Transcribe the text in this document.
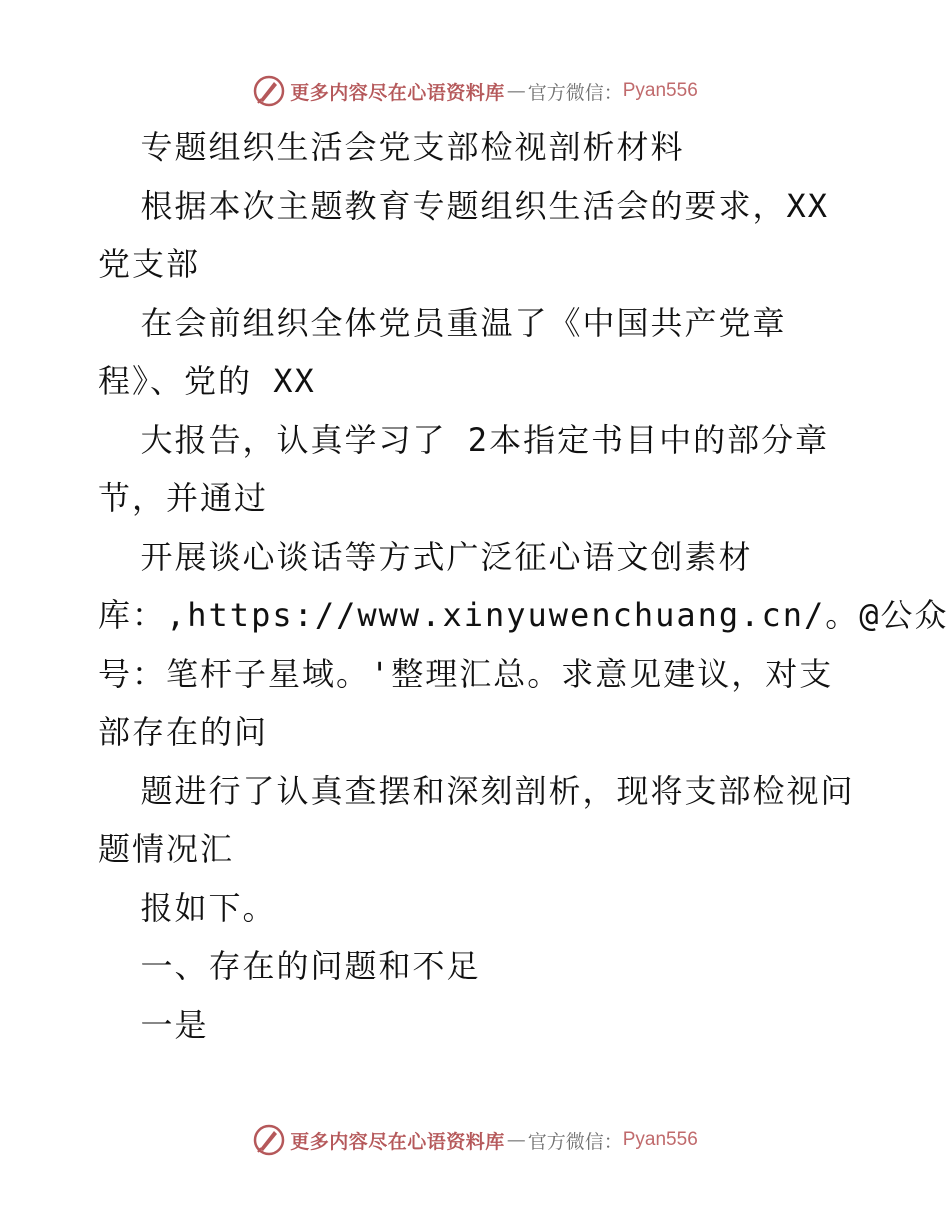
更多内容尽在心语资料库 — 官方微信： Pyan556
专题组织生活会党支部检视剖析材料
根据本次主题教育专题组织生活会的要求，XX
党支部
在会前组织全体党员重温了《中国共产党章
程》、党的 XX
大报告，认真学习了 2本指定书目中的部分章
节，并通过
开展谈心谈话等方式广泛征心语文创素材
库：,https://www.xinyuwenchuang.cn/。@公众
号：笔杆子星域。'整理汇总。求意见建议，对支
部存在的问
题进行了认真查摆和深刻剖析，现将支部检视问
题情况汇
报如下。
一、存在的问题和不足
一是
更多内容尽在心语资料库 — 官方微信： Pyan556
